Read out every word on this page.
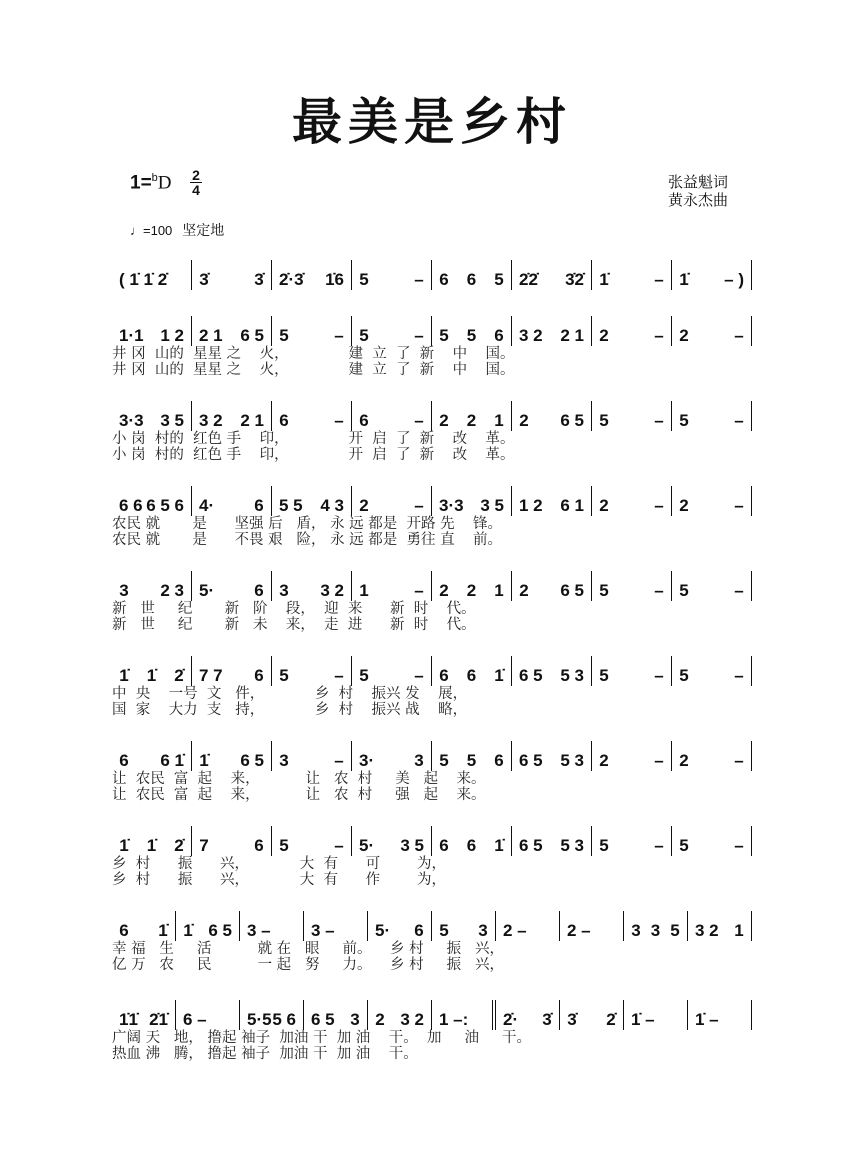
最美是乡村
1=$^b$D 2
4	张益魁词
黄永杰曲
♩=100 坚定地
( 1̇ 1̇ 2̇ 3̇	3̇ 2̇·3̇ 1̇6 5	– 6 6 5 2̇2̇ 3̇2̇ 1̇	– 1̇ – )
1·1 1 2 2 1 6 5 5	– 5	– 5 5 6 3 2 2 1 2	– 2	–
井 冈  山的  星星 之    火，             建  立  了  新    中    国。
井 冈  山的  星星 之    火，             建  立  了  新    中    国。
3·3 3 5 3 2 2 1 6	– 6	– 2 2 1 2 6 5 5	– 5	–
小 岗  村的  红色 手    印，             开  启  了  新    改    革。
小 岗  村的  红色 手    印，             开  启  了  新    改    革。
6 6 6 5 6 4· 6 5 5 4 3 2	– 3·3 3 5 1 2 6 1 2	– 2	–
农民 就       是      坚强 后   盾， 永 远 都是  开路 先    锋。
农民 就       是      不畏 艰   险， 永 远 都是  勇往 直    前。
3 2 3 5· 6 3 3 2 1	– 2 2 1 2 6 5 5	– 5	–
新   世     纪       新   阶    段，  迎  来      新  时    代。
新   世     纪       新   未    来，  走  进      新  时    代。
1̇ 1̇ 2̇ 7 7 6 5	– 5	– 6 6 1̇ 6 5 5 3 5	– 5	–
中  央    一号  文   件，           乡  村    振兴 发    展，
国  家    大力  支   持，           乡  村    振兴 战    略，
6 6 1̇ 1̇ 6 5 3	– 3· 3 5 5 6 6 5 5 3 2	– 2	–
让  农民  富  起    来，          让   农  村     美   起    来。
让  农民  富  起    来，          让   农  村     强   起    来。
1̇ 1̇ 2̇ 7	6 5	– 5· 3 5 6 6 1̇ 6 5 5 3 5	– 5	–
乡  村      振      兴，           大  有      可        为，
乡  村      振      兴，           大  有      作        为，
6 1̇ 1̇ 6 5 3 – 3 – 5· 6 5 3 2 – 2 – 3 3 5 3 2 1
幸 福   生     活          就 在   眼     前。    乡 村     振   兴，
亿 万   农     民          一 起   努     力。    乡 村     振   兴，
1̇1̇ 2̇1̇ 6 – 5·5 5 6 6 5 3 2 3 2 1 –: 2̇· 3̇ 3̇ 2̇ 1̇ – 1̇ –
广阔 天   地， 撸起 袖子  加油 干  加 油    干。  加     油     干。
热血 沸   腾， 撸起 袖子  加油 干  加 油    干。
